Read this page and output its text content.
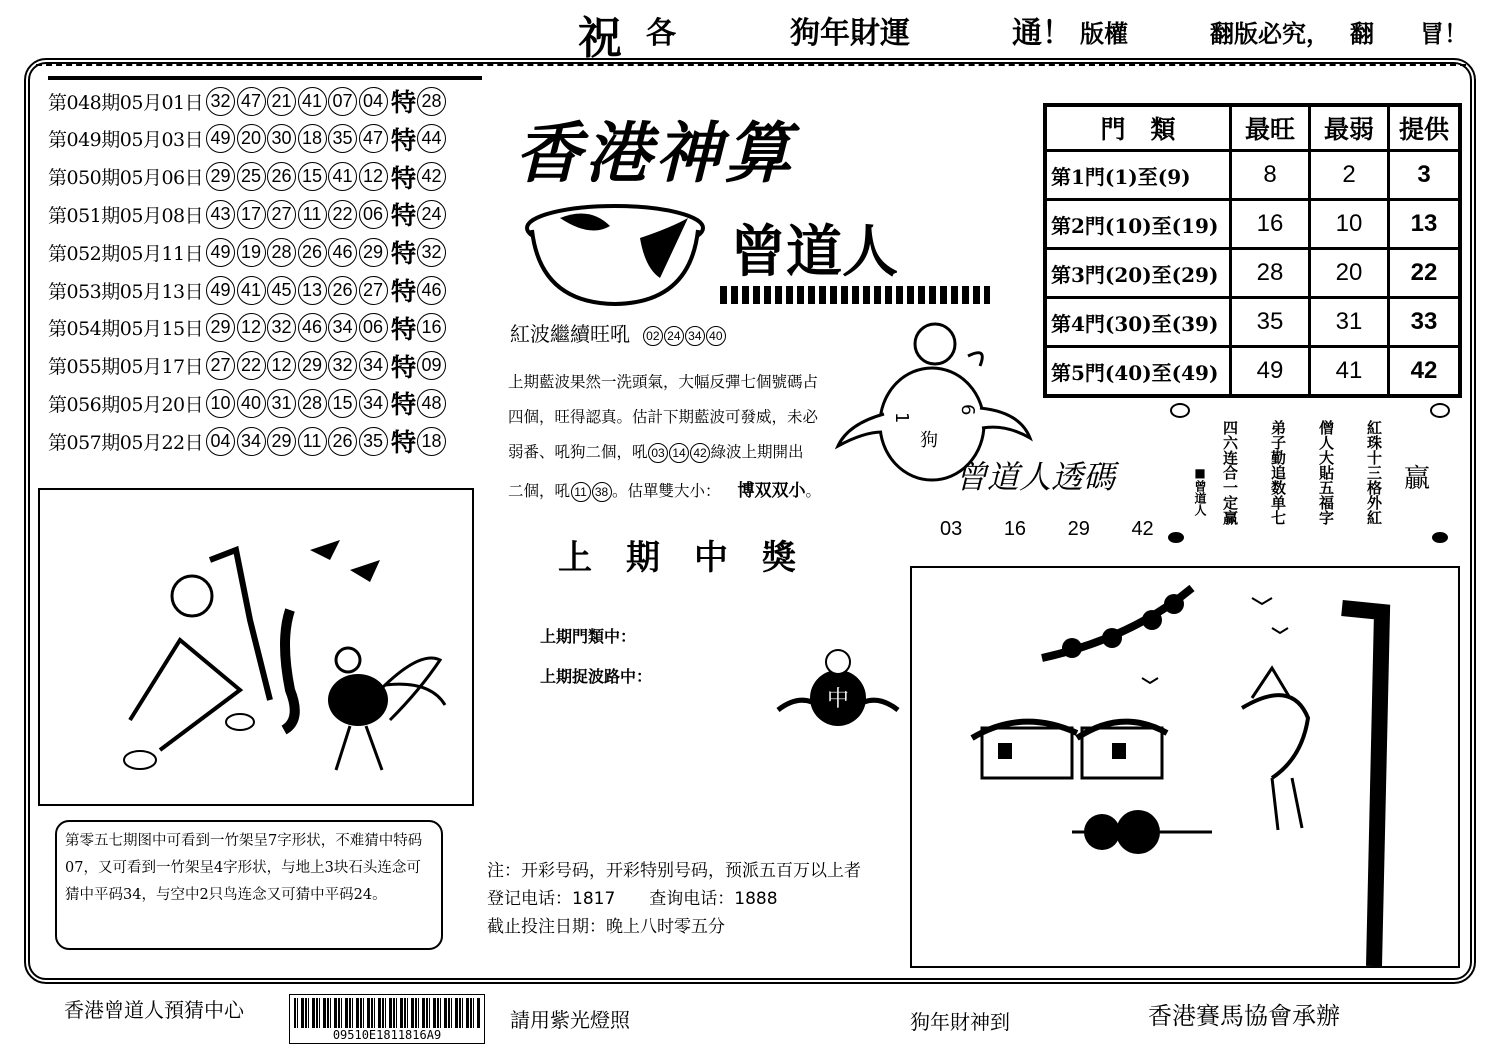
祝 各	狗年財運	通！ 版權	翻版必究， 翻 冒！
第048期05月01日 32 47 21 41 07 04 特 28
第049期05月03日 49 20 30 18 35 47 特 44
第050期05月06日 29 25 26 15 41 12 特 42
第051期05月08日 43 17 27 11 22 06 特 24
第052期05月11日 49 19 28 26 46 29 特 32
第053期05月13日 49 41 45 13 26 27 特 46
第054期05月15日 29 12 32 46 34 06 特 16
第055期05月17日 27 22 12 29 32 34 特 09
第056期05月20日 10 40 31 28 15 34 特 48
第057期05月22日 04 34 29 11 26 35 特 18
香港神算
曾道人
紅波繼續旺吼 02 24 34 40
上期藍波果然一洗頭氣，大幅反彈七個號碼占
四個，旺得認真。估計下期藍波可發威，未必
弱番、吼狗二個，吼 03 14 42 綠波上期開出
二個，吼 11 38 。估單雙大小： 博双双小。
上　期　中　獎
上期門類中：
上期捉波路中：
中
1
6
狗
門　類	最旺	最弱	提供
第1門(1)至(9)	8	2	3
第2門(10)至(19)	16	10	13
第3門(20)至(29)	28	20	22
第4門(30)至(39)	35	31	33
第5門(40)至(49)	49	41	42
紅珠十三格外紅
僧人大貼五福字
弟子勤追数单七
四六连合一定赢
■曾道人	贏
曾道人透碼
03 16 29 42
第零五七期图中可看到一竹架呈7字形状，不难猜中特码07，又可看到一竹架呈4字形状，与地上3块石头连念可猜中平码34，与空中2只鸟连念又可猜中平码24。
注：开彩号码，开彩特别号码，预派五百万以上者
登记电话：1817　　查询电话：1888
截止投注日期：晚上八时零五分
香港曾道人預猜中心
09510E1811816A9
請用紫光燈照	狗年財神到	香港賽馬協會承辦
